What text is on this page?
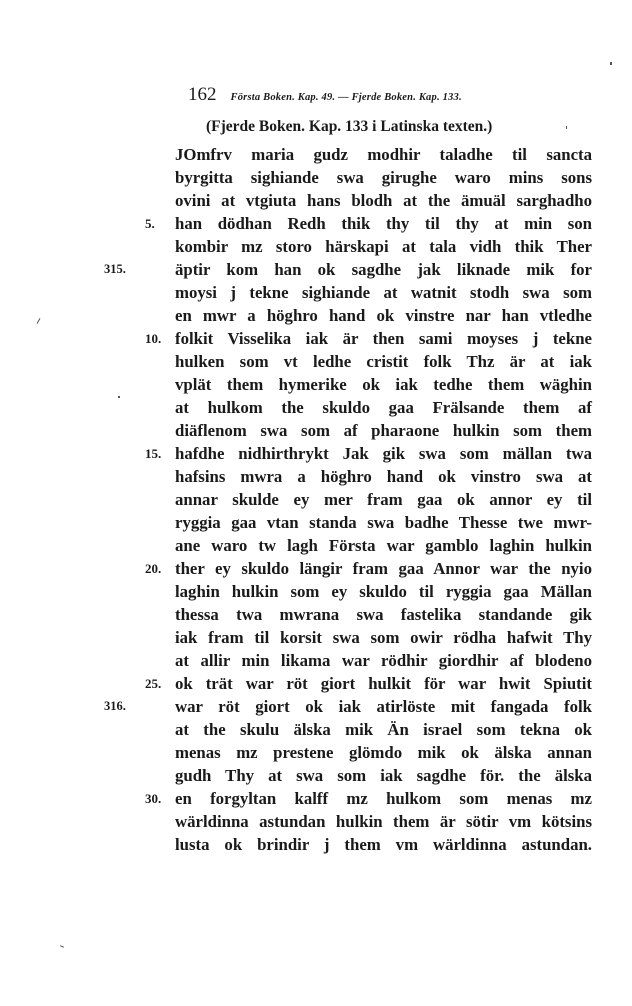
162 Första Boken. Kap. 49. — Fjerde Boken. Kap. 133.
(Fjerde Boken. Kap. 133 i Latinska texten.)
JOmfrv maria gudz modhir taladhe til sancta
byrgitta sighiande swa girughe waro mins sons
ovini at vtgiuta hans blodh at the ämuäl sarghadho
han dödhan Redh thik thy til thy at min son
kombir mz storo härskapi at tala vidh thik Ther
äptir kom han ok sagdhe jak liknade mik for
moysi j tekne sighiande at watnit stodh swa som
en mwr a höghro hand ok vinstre nar han vtledhe
folkit Visselika iak är then sami moyses j tekne
hulken som vt ledhe cristit folk Thz är at iak
vplät them hymerike ok iak tedhe them wäghin
at hulkom the skuldo gaa Frälsande them af
diäflenom swa som af pharaone hulkin som them
hafdhe nidhirthrykt Jak gik swa som mällan twa
hafsins mwra a höghro hand ok vinstro swa at
annar skulde ey mer fram gaa ok annor ey til
ryggia gaa vtan standa swa badhe Thesse twe mwr-
ane waro tw lagh Första war gamblo laghin hulkin
ther ey skuldo längir fram gaa Annor war the nyio
laghin hulkin som ey skuldo til ryggia gaa Mällan
thessa twa mwrana swa fastelika standande gik
iak fram til korsit swa som owir rödha hafwit Thy
at allir min likama war rödhir giordhir af blodeno
ok trät war röt giort hulkit för war hwit Spiutit
war röt giort ok iak atirlöste mit fangada folk
at the skulu älska mik Än israel som tekna ok
menas mz prestene glömdo mik ok älska annan
gudh Thy at swa som iak sagdhe för. the älska
en forgyltan kalff mz hulkom som menas mz
wärldinna astundan hulkin them är sötir vm kötsins
lusta ok brindir j them vm wärldinna astundan.
5.
10.
15.
20.
25.
30.
315.
316.
